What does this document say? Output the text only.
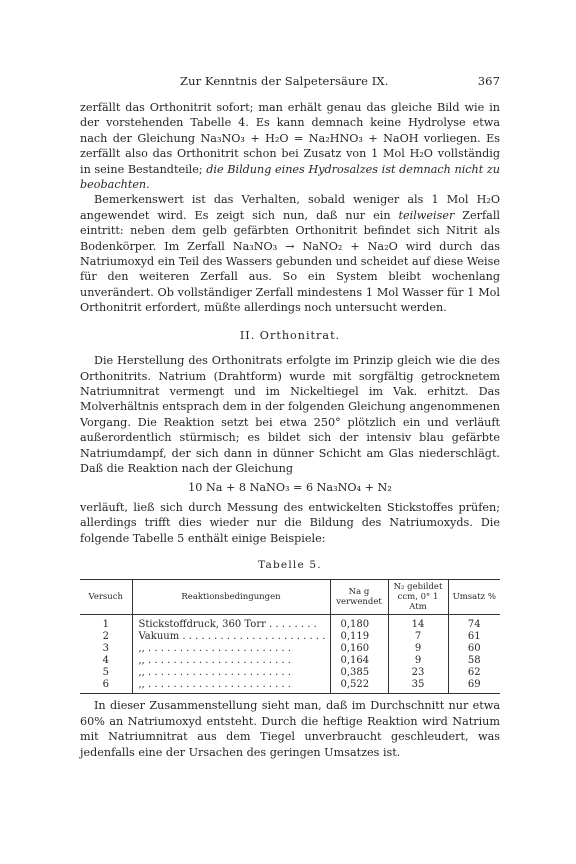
Zur Kenntnis der Salpetersäure IX.	367

zerfällt das Orthonitrit sofort; man erhält genau das gleiche Bild wie in der vorstehenden Tabelle 4. Es kann demnach keine Hydrolyse etwa nach der Gleichung Na₃NO₃ + H₂O = Na₂HNO₃ + NaOH vorliegen. Es zerfällt also das Orthonitrit schon bei Zusatz von 1 Mol H₂O vollständig in seine Bestandteile; die Bildung eines Hydrosalzes ist demnach nicht zu beobachten.

Bemerkenswert ist das Verhalten, sobald weniger als 1 Mol H₂O angewendet wird. Es zeigt sich nun, daß nur ein teilweiser Zerfall eintritt: neben dem gelb gefärbten Orthonitrit befindet sich Nitrit als Bodenkörper. Im Zerfall Na₃NO₃ → NaNO₂ + Na₂O wird durch das Natriumoxyd ein Teil des Wassers gebunden und scheidet auf diese Weise für den weiteren Zerfall aus. So ein System bleibt wochenlang unverändert. Ob vollständiger Zerfall mindestens 1 Mol Wasser für 1 Mol Orthonitrit erfordert, müßte allerdings noch untersucht werden.

II. Orthonitrat.

Die Herstellung des Orthonitrats erfolgte im Prinzip gleich wie die des Orthonitrits. Natrium (Drahtform) wurde mit sorgfältig getrocknetem Natriumnitrat vermengt und im Nickeltiegel im Vak. erhitzt. Das Molverhältnis entsprach dem in der folgenden Gleichung angenommenen Vorgang. Die Reaktion setzt bei etwa 250° plötzlich ein und verläuft außerordentlich stürmisch; es bildet sich der intensiv blau gefärbte Natriumdampf, der sich dann in dünner Schicht am Glas niederschlägt. Daß die Reaktion nach der Gleichung

10 Na + 8 NaNO₃ = 6 Na₃NO₄ + N₂

verläuft, ließ sich durch Messung des entwickelten Stickstoffes prüfen; allerdings trifft dies wieder nur die Bildung des Natriumoxyds. Die folgende Tabelle 5 enthält einige Beispiele:

Tabelle 5.

Versuch	Reaktionsbedingungen	Na g verwendet	N₂ gebildet ccm, 0° 1 Atm	Umsatz %
1	Stickstoffdruck, 360 Torr . . . . . . . .	0,180	14	74
2	Vakuum . . . . . . . . . . . . . . . . . . . . . . .	0,119	7	61
3	,, . . . . . . . . . . . . . . . . . . . . . . .	0,160	9	60
4	,, . . . . . . . . . . . . . . . . . . . . . . .	0,164	9	58
5	,, . . . . . . . . . . . . . . . . . . . . . . .	0,385	23	62
6	,, . . . . . . . . . . . . . . . . . . . . . . .	0,522	35	69

In dieser Zusammenstellung sieht man, daß im Durchschnitt nur etwa 60% an Natriumoxyd entsteht. Durch die heftige Reaktion wird Natrium mit Natriumnitrat aus dem Tiegel unverbraucht geschleudert, was jedenfalls eine der Ursachen des geringen Umsatzes ist.
